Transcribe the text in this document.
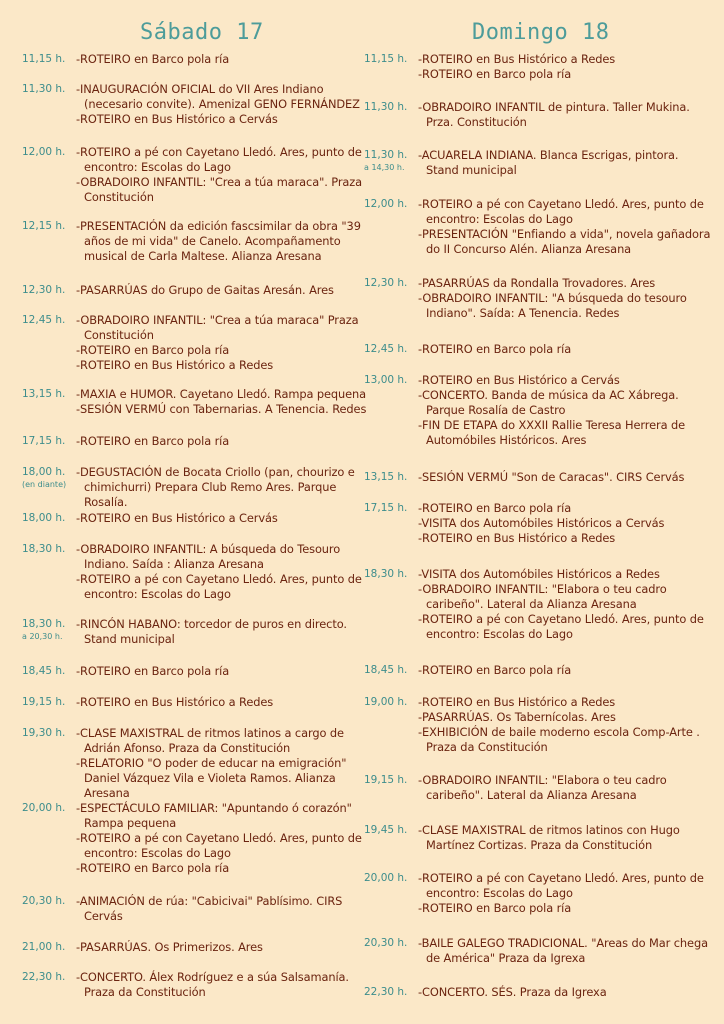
Sábado 17
11,15 h. -ROTEIRO en Barco pola ría
11,30 h. -INAUGURACIÓN OFICIAL do VII Ares Indiano (necesario convite). Amenizal GENO FERNÁNDEZ
-ROTEIRO en Bus Histórico a Cervás
12,00 h. -ROTEIRO a pé con Cayetano Lledó. Ares, punto de encontro: Escolas do Lago
-OBRADOIRO INFANTIL: "Crea a túa maraca". Praza Constitución
12,15 h. -PRESENTACIÓN da edición fascsimilar da obra "39 años de mi vida" de Canelo. Acompañamento musical de Carla Maltese. Alianza Aresana
12,30 h. -PASARRÚAS do Grupo de Gaitas Aresán. Ares
12,45 h. -OBRADOIRO INFANTIL: "Crea a túa maraca" Praza Constitución
-ROTEIRO en Barco pola ría
-ROTEIRO en Bus Histórico a Redes
13,15 h. -MAXIA e HUMOR. Cayetano Lledó. Rampa pequena
-SESIÓN VERMÚ con Tabernarias. A Tenencia. Redes
17,15 h. -ROTEIRO en Barco pola ría
18,00 h.
(en diante)
-DEGUSTACIÓN de Bocata Criollo (pan, chourizo e chimichurri) Prepara Club Remo Ares. Parque Rosalía.
18,00 h. -ROTEIRO en Bus Histórico a Cervás
18,30 h. -OBRADOIRO INFANTIL: A búsqueda do Tesouro Indiano. Saída : Alianza Aresana
-ROTEIRO a pé con Cayetano Lledó. Ares, punto de encontro: Escolas do Lago
18,30 h.
a 20,30 h.
-RINCÓN HABANO: torcedor de puros en directo. Stand municipal
18,45 h. -ROTEIRO en Barco pola ría
19,15 h. -ROTEIRO en Bus Histórico a Redes
19,30 h. -CLASE MAXISTRAL de ritmos latinos a cargo de Adrián Afonso. Praza da Constitución
-RELATORIO "O poder de educar na emigración" Daniel Vázquez Vila e Violeta Ramos. Alianza Aresana
20,00 h. -ESPECTÁCULO FAMILIAR: "Apuntando ó corazón" Rampa pequena
-ROTEIRO a pé con Cayetano Lledó. Ares, punto de encontro: Escolas do Lago
-ROTEIRO en Barco pola ría
20,30 h. -ANIMACIÓN de rúa: "Cabicivai" Pablísimo. CIRS Cervás
21,00 h. -PASARRÚAS. Os Primerizos. Ares
22,30 h. -CONCERTO. Álex Rodríguez e a súa Salsamanía. Praza da Constitución
Domingo 18
11,15 h. -ROTEIRO en Bus Histórico a Redes
-ROTEIRO en Barco pola ría
11,30 h. -OBRADOIRO INFANTIL de pintura. Taller Mukina. Prza. Constitución
11,30 h.
a 14,30 h.
-ACUARELA INDIANA. Blanca Escrigas, pintora. Stand municipal
12,00 h. -ROTEIRO a pé con Cayetano Lledó. Ares, punto de encontro: Escolas do Lago
-PRESENTACIÓN "Enfiando a vida", novela gañadora do II Concurso Alén. Alianza Aresana
12,30 h. -PASARRÚAS da Rondalla Trovadores. Ares
-OBRADOIRO INFANTIL: "A búsqueda do tesouro Indiano". Saída: A Tenencia. Redes
12,45 h. -ROTEIRO en Barco pola ría
13,00 h. -ROTEIRO en Bus Histórico a Cervás
-CONCERTO. Banda de música da AC Xábrega. Parque Rosalía de Castro
-FIN DE ETAPA do XXXII Rallie Teresa Herrera de Automóbiles Históricos. Ares
13,15 h. -SESIÓN VERMÚ "Son de Caracas". CIRS Cervás
17,15 h. -ROTEIRO en Barco pola ría
-VISITA dos Automóbiles Históricos a Cervás
-ROTEIRO en Bus Histórico a Redes
18,30 h. -VISITA dos Automóbiles Históricos a Redes
-OBRADOIRO INFANTIL: "Elabora o teu cadro caribeño". Lateral da Alianza Aresana
-ROTEIRO a pé con Cayetano Lledó. Ares, punto de encontro: Escolas do Lago
18,45 h. -ROTEIRO en Barco pola ría
19,00 h. -ROTEIRO en Bus Histórico a Redes
-PASARRÚAS. Os Tabernícolas. Ares
-EXHIBICIÓN de baile moderno escola Comp-Arte . Praza da Constitución
19,15 h. -OBRADOIRO INFANTIL: "Elabora o teu cadro caribeño". Lateral da Alianza Aresana
19,45 h. -CLASE MAXISTRAL de ritmos latinos con Hugo Martínez Cortizas. Praza da Constitución
20,00 h. -ROTEIRO a pé con Cayetano Lledó. Ares, punto de encontro: Escolas do Lago
-ROTEIRO en Barco pola ría
20,30 h. -BAILE GALEGO TRADICIONAL. "Areas do Mar chega de América" Praza da Igrexa
22,30 h. -CONCERTO. SÉS. Praza da Igrexa
